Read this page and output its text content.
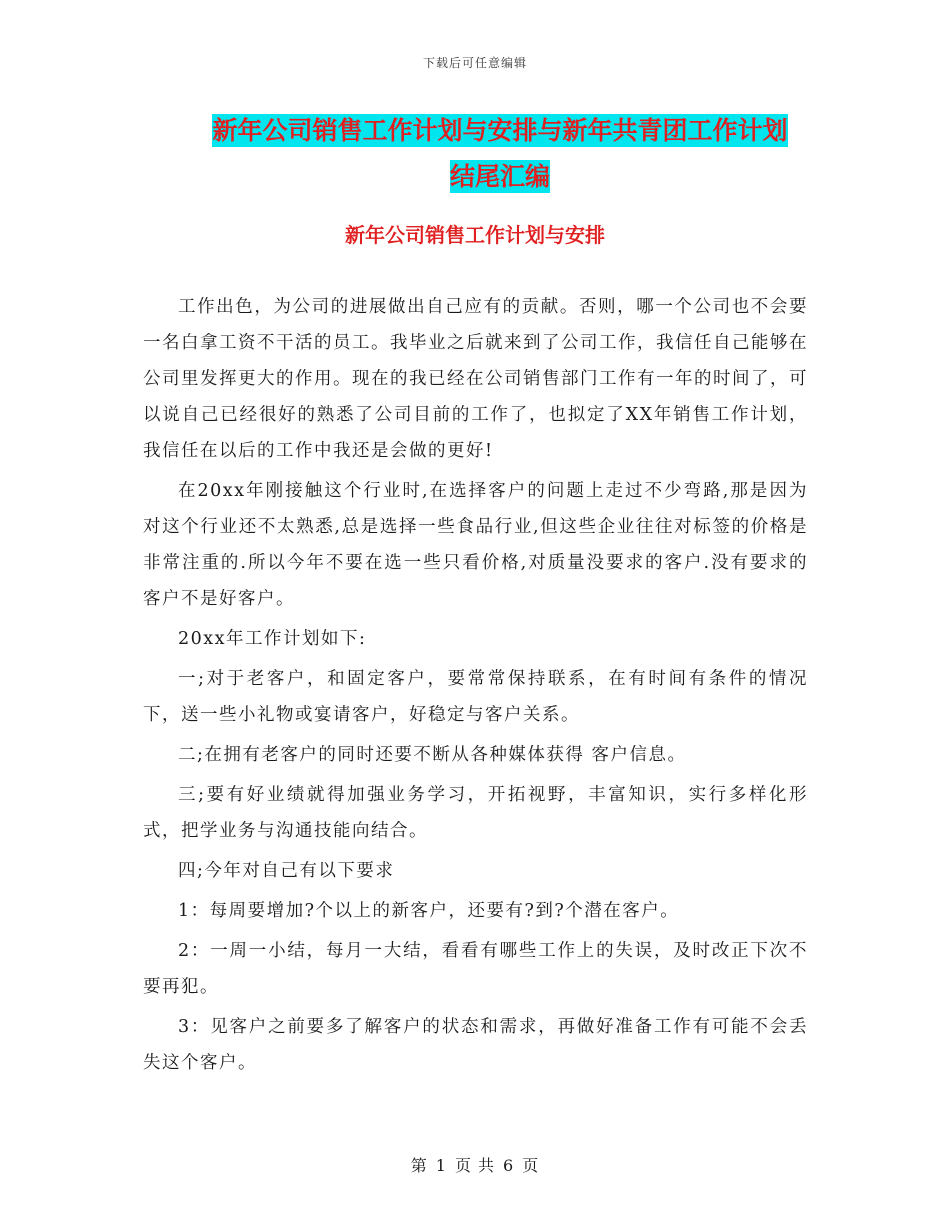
下载后可任意编辑
新年公司销售工作计划与安排与新年共青团工作计划
结尾汇编
新年公司销售工作计划与安排

工作出色，为公司的进展做出自己应有的贡献。否则，哪一个公司也不会要一名白拿工资不干活的员工。我毕业之后就来到了公司工作，我信任自己能够在公司里发挥更大的作用。现在的我已经在公司销售部门工作有一年的时间了，可以说自己已经很好的熟悉了公司目前的工作了，也拟定了XX年销售工作计划，我信任在以后的工作中我还是会做的更好!

在20xx年刚接触这个行业时,在选择客户的问题上走过不少弯路,那是因为对这个行业还不太熟悉,总是选择一些食品行业,但这些企业往往对标签的价格是非常注重的.所以今年不要在选一些只看价格,对质量没要求的客户.没有要求的客户不是好客户。

20xx年工作计划如下:

一;对于老客户，和固定客户，要常常保持联系，在有时间有条件的情况下，送一些小礼物或宴请客户，好稳定与客户关系。

二;在拥有老客户的同时还要不断从各种媒体获得 客户信息。

三;要有好业绩就得加强业务学习，开拓视野，丰富知识，实行多样化形式，把学业务与沟通技能向结合。

四;今年对自己有以下要求

1：每周要增加?个以上的新客户，还要有?到?个潜在客户。

2：一周一小结，每月一大结，看看有哪些工作上的失误，及时改正下次不要再犯。

3：见客户之前要多了解客户的状态和需求，再做好准备工作有可能不会丢失这个客户。

第 1 页 共 6 页
